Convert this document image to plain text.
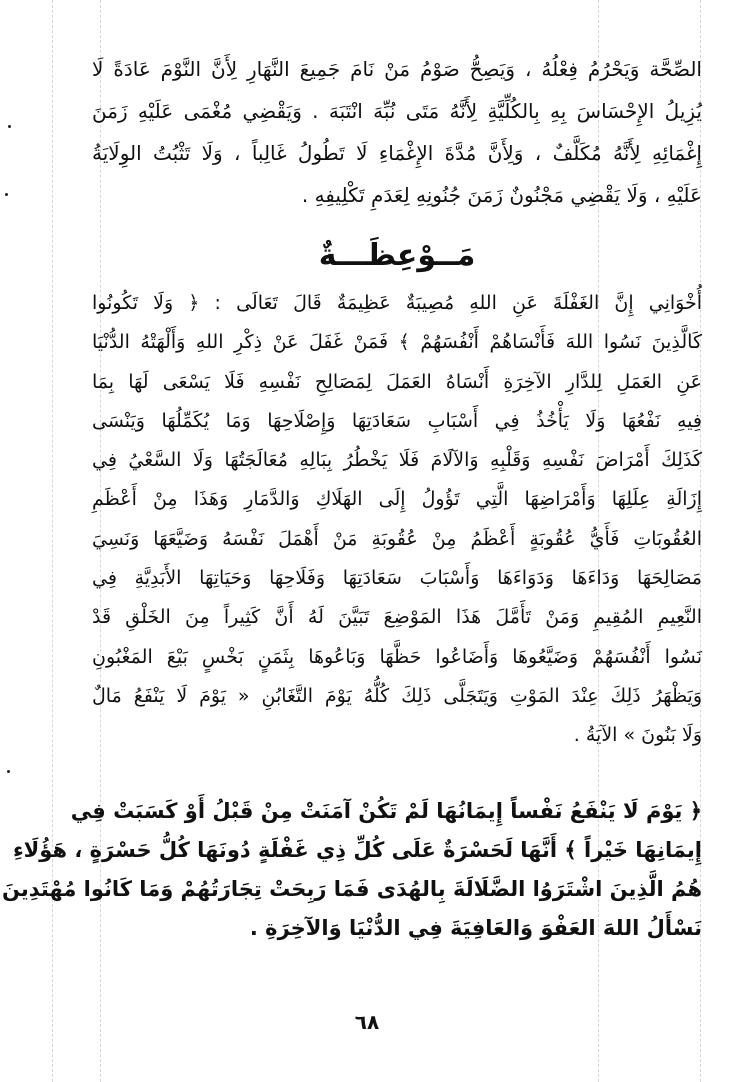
الصِّحَّة وَيَحْرُمُ فِعْلُهُ ، وَيَصِحُّ صَوْمُ مَنْ نَامَ جَمِيعَ النَّهَارِ لِأَنَّ النَّوْمَ عَادَةً لَا
يُزِيلُ الإِحْسَاسَ بِهِ بِالكُلِّيَّةِ لِأَنَّهُ مَتَى نُبِّهَ انْتَبَهَ . وَيَقْضِي مُغْمَى عَلَيْهِ زَمَنَ
إِغْمَائِهِ لِأَنَّهُ مُكَلَّفٌ ، وَلِأَنَّ مُدَّةَ الإِغْمَاءِ لَا تَطُولُ غَالِباً ، وَلَا تَثْبُتُ الوِلَايَةُ
عَلَيْهِ ، وَلَا يَقْضِي مَجْنُونٌ زَمَنَ جُنُونِهِ لِعَدَمِ تَكْلِيفِهِ .
مَــوْعِظَـــةٌ
أُخْوَانِي إِنَّ الغَفْلَةَ عَنِ اللهِ مُصِيبَةٌ عَظِيمَةٌ قَالَ تَعَالَى : ﴿ وَلَا تَكُونُوا
كَالَّذِينَ نَسُوا اللهَ فَأَنْسَاهُمْ أَنْفُسَهُمْ ﴾ فَمَنْ غَفَلَ عَنْ ذِكْرِ اللهِ وَأَلْهَتْهُ الدُّنْيَا
عَنِ العَمَلِ لِلدَّارِ الآخِرَةِ أَنْسَاهُ العَمَلَ لِمَصَالِحِ نَفْسِهِ فَلَا يَسْعَى لَهَا بِمَا
فِيهِ نَفْعُهَا وَلَا يَأْخُذُ فِي أَسْبَابِ سَعَادَتِهَا وَإِصْلَاحِهَا وَمَا يُكَمِّلُهَا وَيَنْسَى
كَذَلِكَ أَمْرَاضَ نَفْسِهِ وَقَلْبِهِ وَالآلَامَ فَلَا يَخْطُرُ بِبَالِهِ مُعَالَجَتُهَا وَلَا السَّعْيُ فِي
إِزَالَةِ عِلَلِهَا وَأَمْرَاضِهَا الَّتِي تَؤُولُ إِلَى الهَلَاكِ وَالدَّمَارِ وَهَذَا مِنْ أَعْظَمِ
العُقُوبَاتِ فَأَيُّ عُقُوبَةٍ أَعْظَمُ مِنْ عُقُوبَةِ مَنْ أَهْمَلَ نَفْسَهُ وَضَيَّعَهَا وَنَسِيَ
مَصَالِحَهَا وَدَاءَهَا وَدَوَاءَهَا وَأَسْبَابَ سَعَادَتِهَا وَفَلَاحِهَا وَحَيَاتِهَا الأَبَدِيَّةِ فِي
النَّعِيمِ المُقِيمِ وَمَنْ تَأَمَّلَ هَذَا المَوْضِعَ تَبَيَّنَ لَهُ أَنَّ كَثِيراً مِنَ الخَلْقِ قَدْ
نَسُوا أَنْفُسَهُمْ وَضَيَّعُوهَا وَأَضَاعُوا حَظَّهَا وَبَاعُوهَا بِثَمَنٍ بَخْسٍ بَيْعَ المَغْبُونِ
وَيَظْهَرُ ذَلِكَ عِنْدَ المَوْتِ وَيَتَجَلَّى ذَلِكَ كُلُّهُ يَوْمَ التَّغَابُنِ « يَوْمَ لَا يَنْفَعُ مَالٌ
وَلَا بَنُونَ » الآيَةُ .
﴿ يَوْمَ لَا يَنْفَعُ نَفْساً إِيمَانُهَا لَمْ تَكُنْ آمَنَتْ مِنْ قَبْلُ أَوْ كَسَبَتْ فِي
إِيمَانِهَا خَيْراً ﴾ أَنَّهَا لَحَسْرَةٌ عَلَى كُلِّ ذِي غَفْلَةٍ دُونَهَا كُلُّ حَسْرَةٍ ، هَؤُلَاءِ
هُمُ الَّذِينَ اشْتَرَوُا الضَّلَالَةَ بِالهُدَى فَمَا رَبِحَتْ تِجَارَتُهُمْ وَمَا كَانُوا مُهْتَدِينَ
نَسْأَلُ اللهَ العَفْوَ وَالعَافِيَةَ فِي الدُّنْيَا وَالآخِرَةِ .
٦٨
